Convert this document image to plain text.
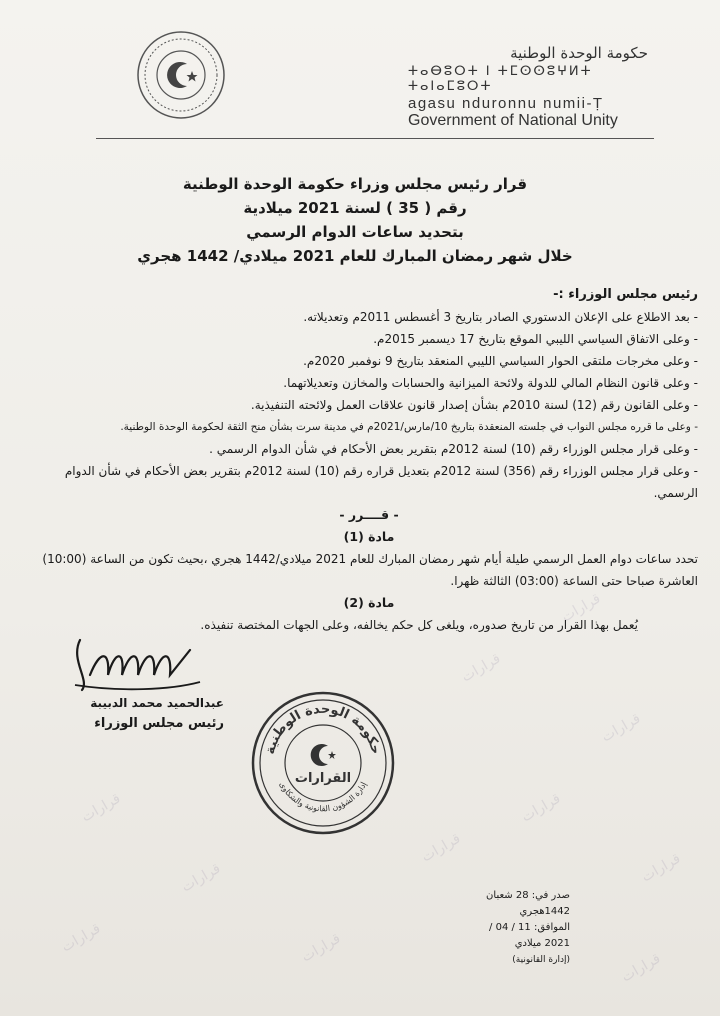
قرارات
قرارات
قرارات
قرارات
قرارات
قرارات
قرارات
قرارات
قرارات	قرارات
قرارات
حكومة الوحدة الوطنية
ⵜⴰⴱⵓⵔⵜ ⵏ ⵜⵎⵙⵙⵓⵖⵍⵜ ⵜⴰⵏⴰⵎⵓⵔⵜ
agasu nduronnu numii-Ṭ
Government of National Unity
قرار رئيس مجلس وزراء حكومة الوحدة الوطنية
رقم ( 35 ) لسنة 2021 ميلادية
بتحديد ساعات الدوام الرسمي
خلال شهر رمضان المبارك للعام 2021 ميلادي/ 1442 هجري
رئيس مجلس الوزراء :-
- بعد الاطلاع على الإعلان الدستوري الصادر بتاريخ 3 أغسطس 2011م وتعديلاته.
- وعلى الاتفاق السياسي الليبي الموقع بتاريخ 17 ديسمبر 2015م.
- وعلى مخرجات ملتقى الحوار السياسي الليبي المنعقد بتاريخ 9 نوفمبر 2020م.
- وعلى قانون النظام المالي للدولة ولائحة الميزانية والحسابات والمخازن وتعديلاتهما.
- وعلى القانون رقم (12) لسنة 2010م بشأن إصدار قانون علاقات العمل ولائحته التنفيذية.
- وعلى ما قرره مجلس النواب في جلسته المنعقدة بتاريخ 10/مارس/2021م في مدينة سرت بشأن منح الثقة لحكومة الوحدة الوطنية.
- وعلى قرار مجلس الوزراء رقم (10) لسنة 2012م بتقرير بعض الأحكام في شأن الدوام الرسمي .
- وعلى قرار مجلس الوزراء رقم (356) لسنة 2012م بتعديل قراره رقم (10) لسنة 2012م بتقرير بعض الأحكام في شأن الدوام الرسمي.
- قــــرر -
مادة (1)
تحدد ساعات دوام العمل الرسمي طيلة أيام شهر رمضان المبارك للعام 2021 ميلادي/1442 هجري ،بحيث تكون من الساعة (10:00) العاشرة صباحا حتى الساعة (03:00) الثالثة ظهرا.
مادة (2)
يُعمل بهذا القرار من تاريخ صدوره، ويلغى كل حكم يخالفه، وعلى الجهات المختصة تنفيذه.
عبدالحميد محمد الدبيبة
رئيس مجلس الوزراء
حكومة الوحدة الوطنية
إدارة الشؤون القانونية والشكاوى
القرارات
صدر في: 28 شعبان 1442هجري
الموافق: 11 / 04 / 2021 ميلادي
(إدارة القانونية)
